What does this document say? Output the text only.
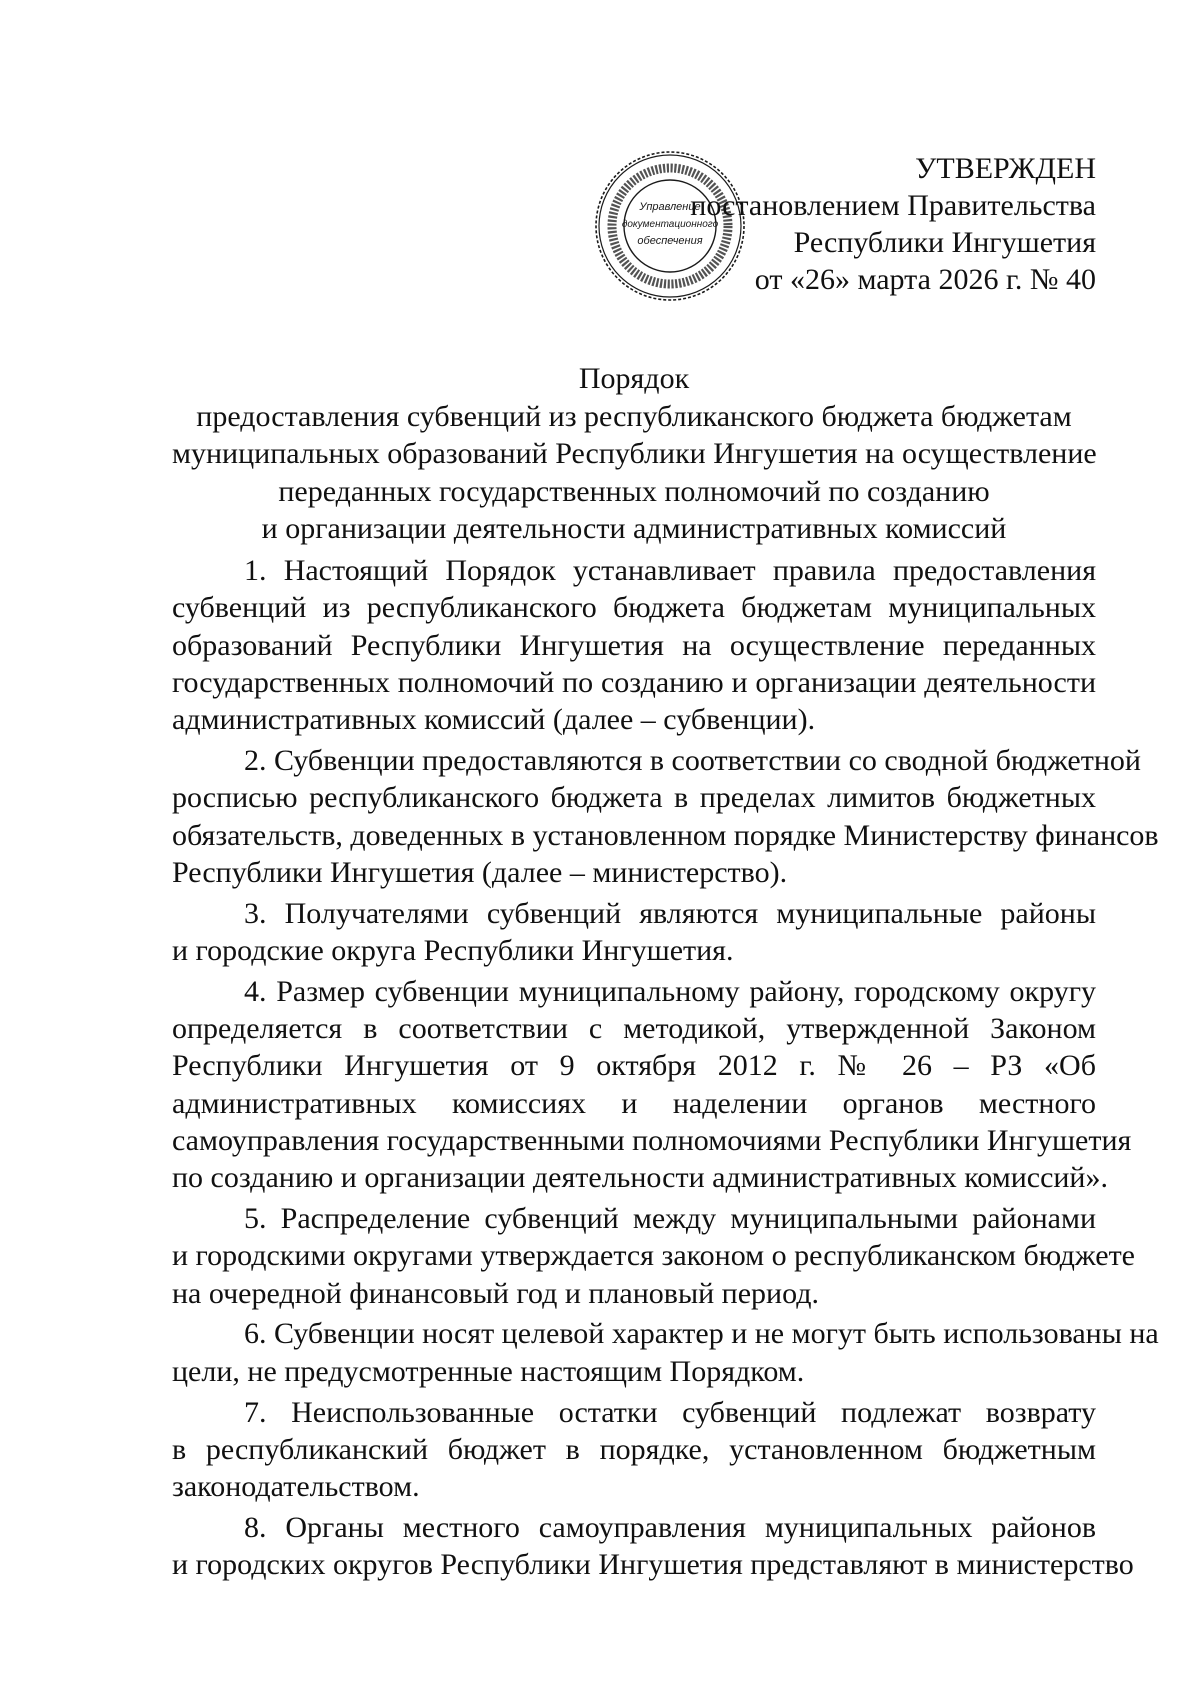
Управление
документационного
обеспечения
УТВЕРЖДЕН
постановлением Правительства
Республики Ингушетия
от «26» марта 2026 г. № 40
Порядок
предоставления субвенций из республиканского бюджета бюджетам
муниципальных образований Республики Ингушетия на осуществление
переданных государственных полномочий по созданию
и организации деятельности административных комиссий
1. Настоящий Порядок устанавливает правила предоставления
субвенций из республиканского бюджета бюджетам муниципальных
образований Республики Ингушетия на осуществление переданных
государственных полномочий по созданию и организации деятельности
административных комиссий (далее – субвенции).
2. Субвенции предоставляются в соответствии со сводной бюджетной
росписью республиканского бюджета в пределах лимитов бюджетных
обязательств, доведенных в установленном порядке Министерству финансов
Республики Ингушетия (далее – министерство).
3. Получателями субвенций являются муниципальные районы
и городские округа Республики Ингушетия.
4. Размер субвенции муниципальному району, городскому округу
определяется в соответствии с методикой, утвержденной Законом
Республики Ингушетия от 9 октября 2012 г. № 26 – РЗ «Об
административных комиссиях и наделении органов местного
самоуправления государственными полномочиями Республики Ингушетия
по созданию и организации деятельности административных комиссий».
5. Распределение субвенций между муниципальными районами
и городскими округами утверждается законом о республиканском бюджете
на очередной финансовый год и плановый период.
6. Субвенции носят целевой характер и не могут быть использованы на
цели, не предусмотренные настоящим Порядком.
7. Неиспользованные остатки субвенций подлежат возврату
в республиканский бюджет в порядке, установленном бюджетным
законодательством.
8. Органы местного самоуправления муниципальных районов
и городских округов Республики Ингушетия представляют в министерство
